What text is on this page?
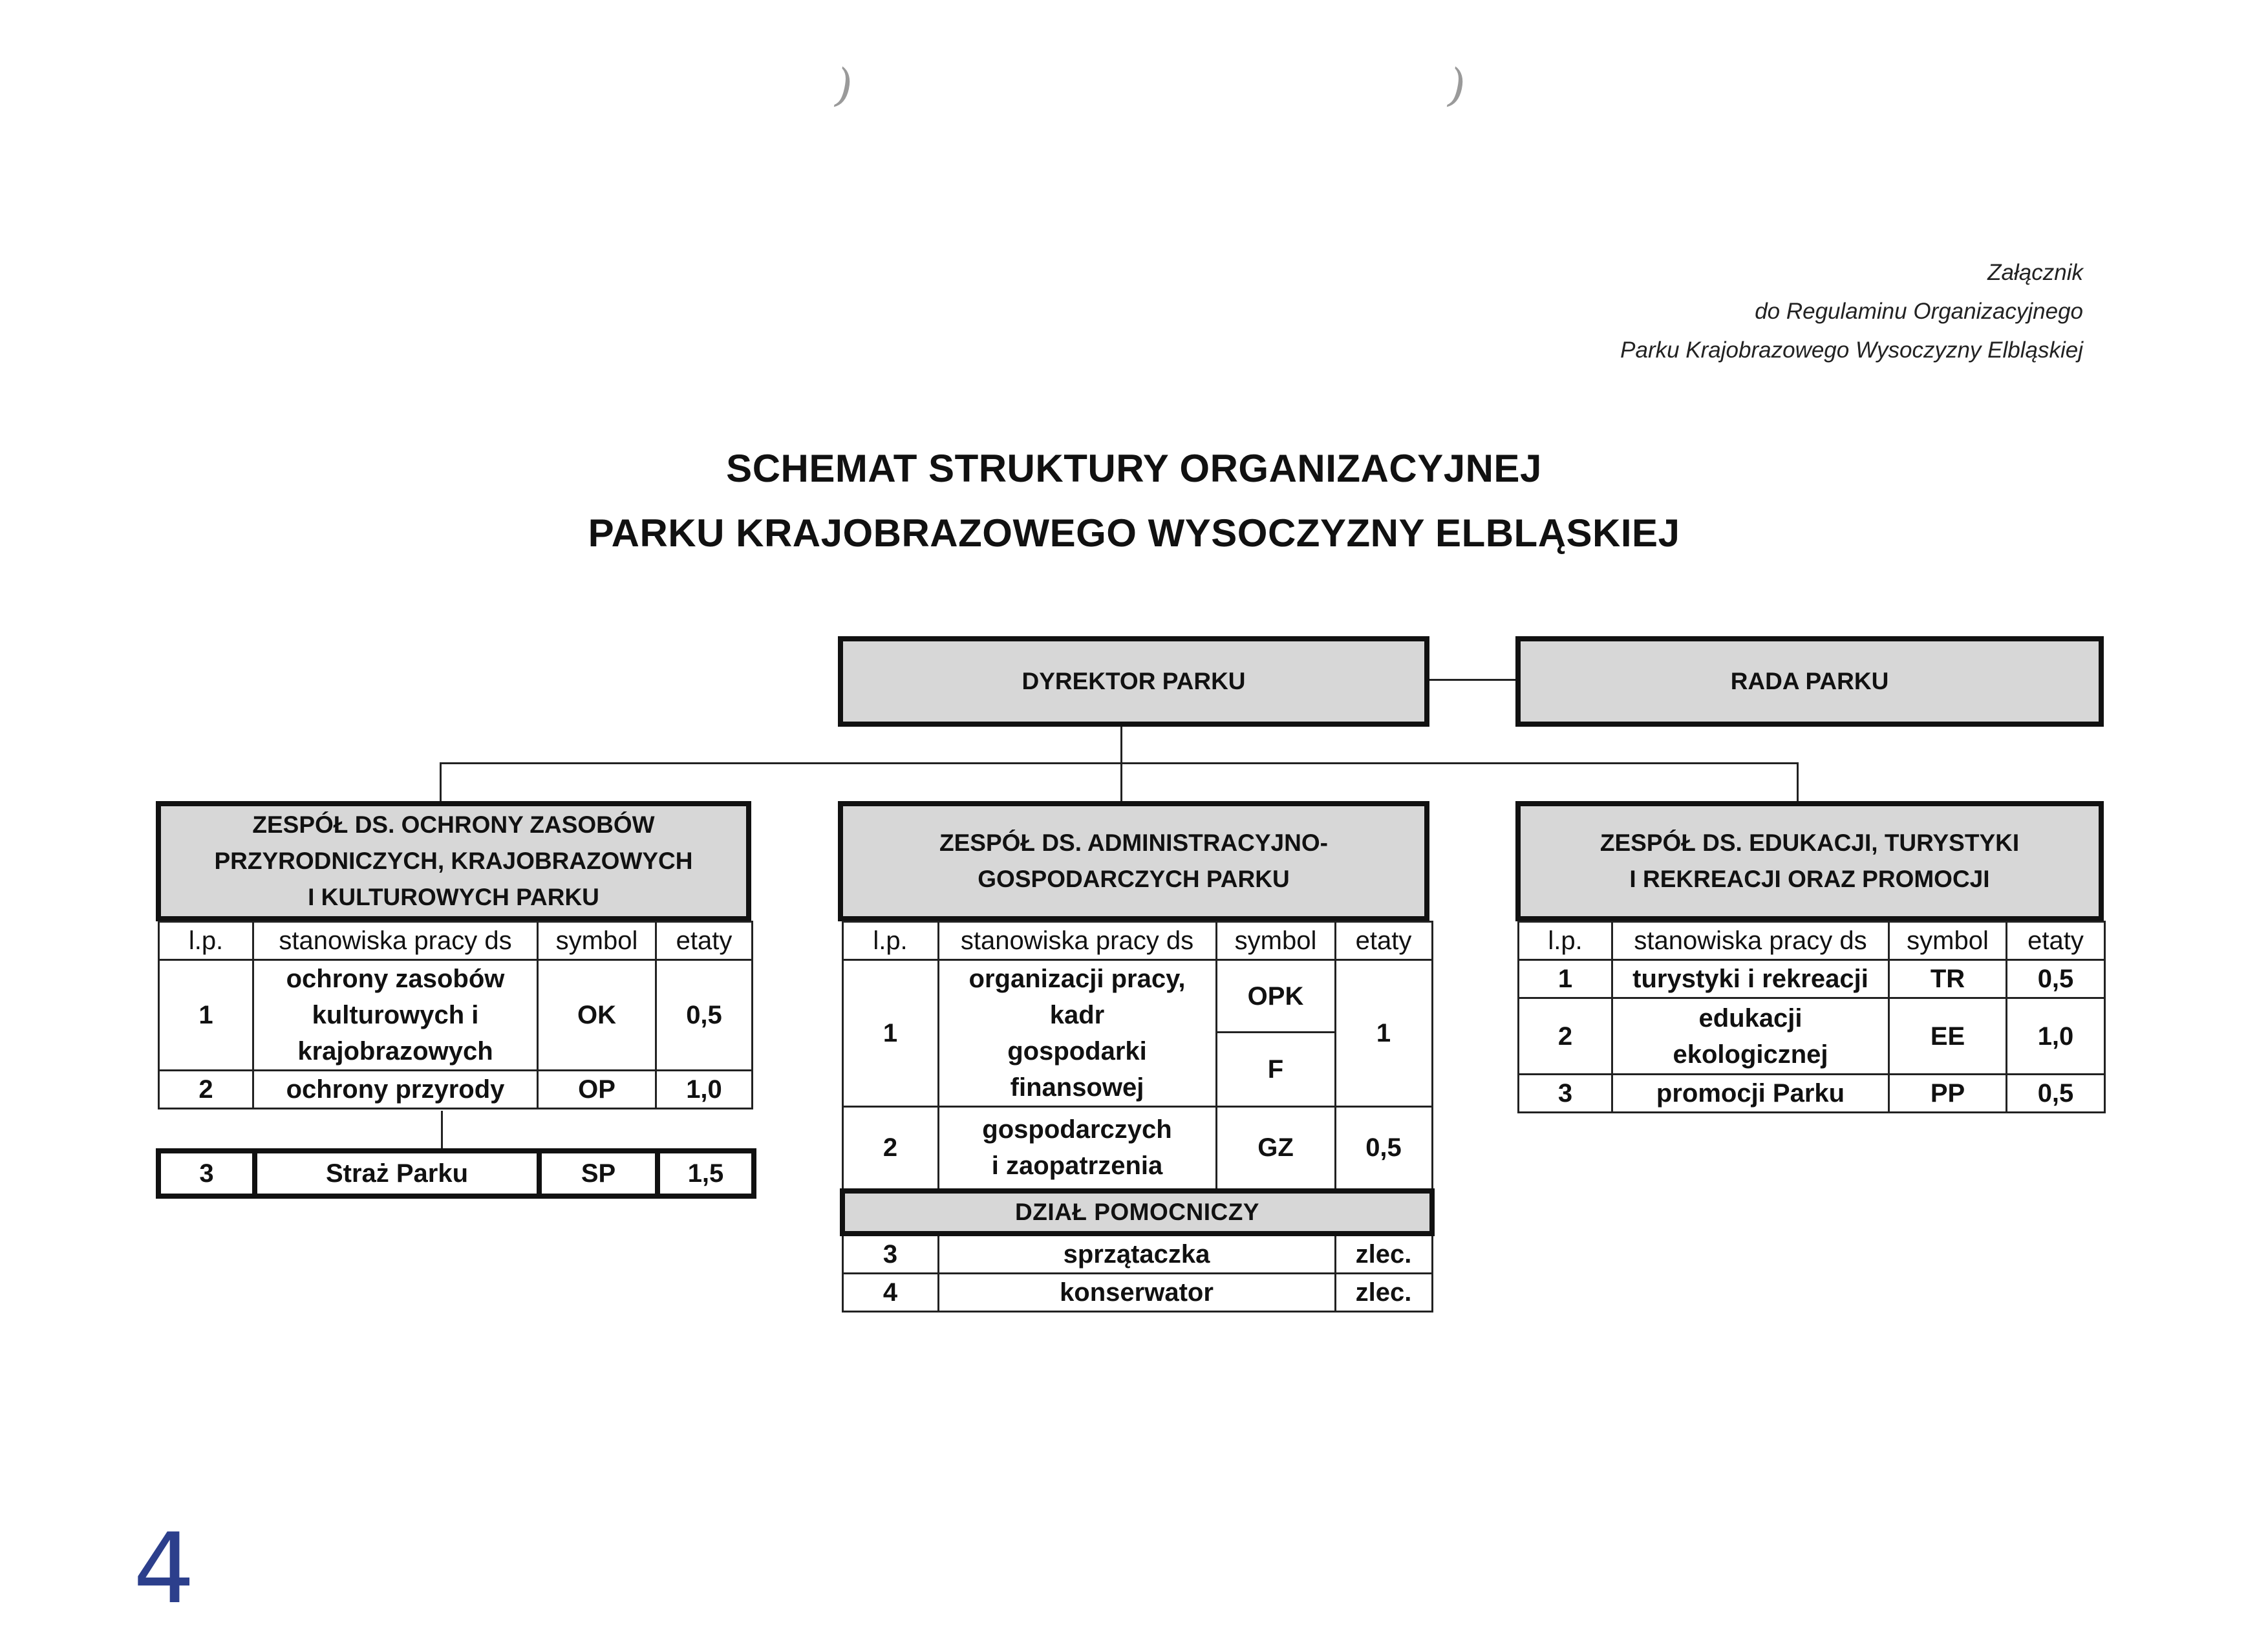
)	)
Załącznik
do Regulaminu Organizacyjnego
Parku Krajobrazowego Wysoczyzny Elbląskiej
SCHEMAT STRUKTURY ORGANIZACYJNEJ
PARKU KRAJOBRAZOWEGO WYSOCZYZNY ELBLĄSKIEJ
DYREKTOR PARKU	RADA PARKU
ZESPÓŁ DS. OCHRONY ZASOBÓW
PRZYRODNICZYCH, KRAJOBRAZOWYCH
I KULTUROWYCH PARKU
ZESPÓŁ DS. ADMINISTRACYJNO-
GOSPODARCZYCH PARKU
ZESPÓŁ DS. EDUKACJI, TURYSTYKI
I REKREACJI ORAZ PROMOCJI
l.p.	stanowiska pracy ds	symbol	etaty
1	ochrony zasobów
kulturowych i
krajobrazowych	OK	0,5
2	ochrony przyrody	OP	1,0
3	Straż Parku	SP	1,5
l.p.	stanowiska pracy ds	symbol	etaty
1	organizacji pracy,
kadr
gospodarki
finansowej	OPK	1
		F	
2	gospodarczych
i zaopatrzenia	GZ	0,5
DZIAŁ POMOCNICZY			
3	sprzątaczka		zlec.
4	konserwator		zlec.
l.p.	stanowiska pracy ds	symbol	etaty
1	turystyki i rekreacji	TR	0,5
2	edukacji
ekologicznej	EE	1,0
3	promocji Parku	PP	0,5
4
